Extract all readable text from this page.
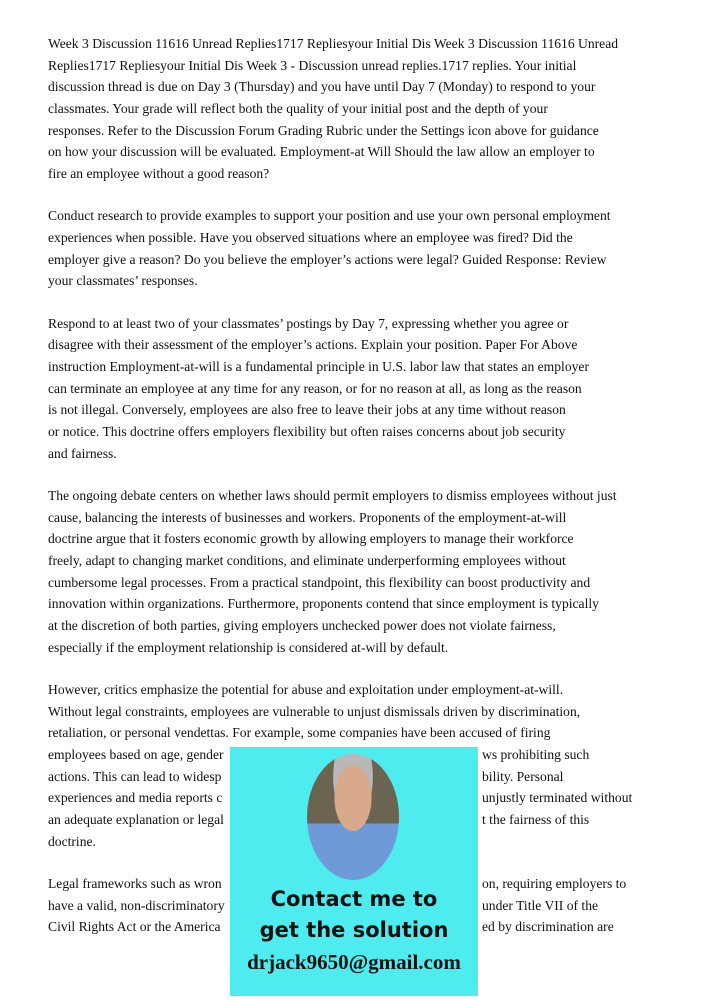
Week 3 Discussion 11616 Unread Replies1717 Repliesyour Initial Dis Week 3 Discussion 11616 Unread
Replies1717 Repliesyour Initial Dis Week 3 - Discussion unread replies.1717 replies. Your initial
discussion thread is due on Day 3 (Thursday) and you have until Day 7 (Monday) to respond to your
classmates. Your grade will reflect both the quality of your initial post and the depth of your
responses. Refer to the Discussion Forum Grading Rubric under the Settings icon above for guidance
on how your discussion will be evaluated. Employment-at Will Should the law allow an employer to
fire an employee without a good reason?
Conduct research to provide examples to support your position and use your own personal employment
experiences when possible. Have you observed situations where an employee was fired? Did the
employer give a reason? Do you believe the employer’s actions were legal? Guided Response: Review
your classmates’ responses.
Respond to at least two of your classmates’ postings by Day 7, expressing whether you agree or
disagree with their assessment of the employer’s actions. Explain your position. Paper For Above
instruction Employment-at-will is a fundamental principle in U.S. labor law that states an employer
can terminate an employee at any time for any reason, or for no reason at all, as long as the reason
is not illegal. Conversely, employees are also free to leave their jobs at any time without reason
or notice. This doctrine offers employers flexibility but often raises concerns about job security
and fairness.
The ongoing debate centers on whether laws should permit employers to dismiss employees without just
cause, balancing the interests of businesses and workers. Proponents of the employment-at-will
doctrine argue that it fosters economic growth by allowing employers to manage their workforce
freely, adapt to changing market conditions, and eliminate underperforming employees without
cumbersome legal processes. From a practical standpoint, this flexibility can boost productivity and
innovation within organizations. Furthermore, proponents contend that since employment is typically
at the discretion of both parties, giving employers unchecked power does not violate fairness,
especially if the employment relationship is considered at-will by default.
However, critics emphasize the potential for abuse and exploitation under employment-at-will.
Without legal constraints, employees are vulnerable to unjust dismissals driven by discrimination,
retaliation, or personal vendettas. For example, some companies have been accused of firing
employees based on age, gender	ws prohibiting such
actions. This can lead to widesp	bility. Personal
experiences and media reports c	unjustly terminated without
an adequate explanation or legal	t the fairness of this
doctrine.
Legal frameworks such as wron	on, requiring employers to
have a valid, non-discriminatory	under Title VII of the
Civil Rights Act or the America	ed by discrimination are
Contact me to
get the solution
drjack9650@gmail.com
